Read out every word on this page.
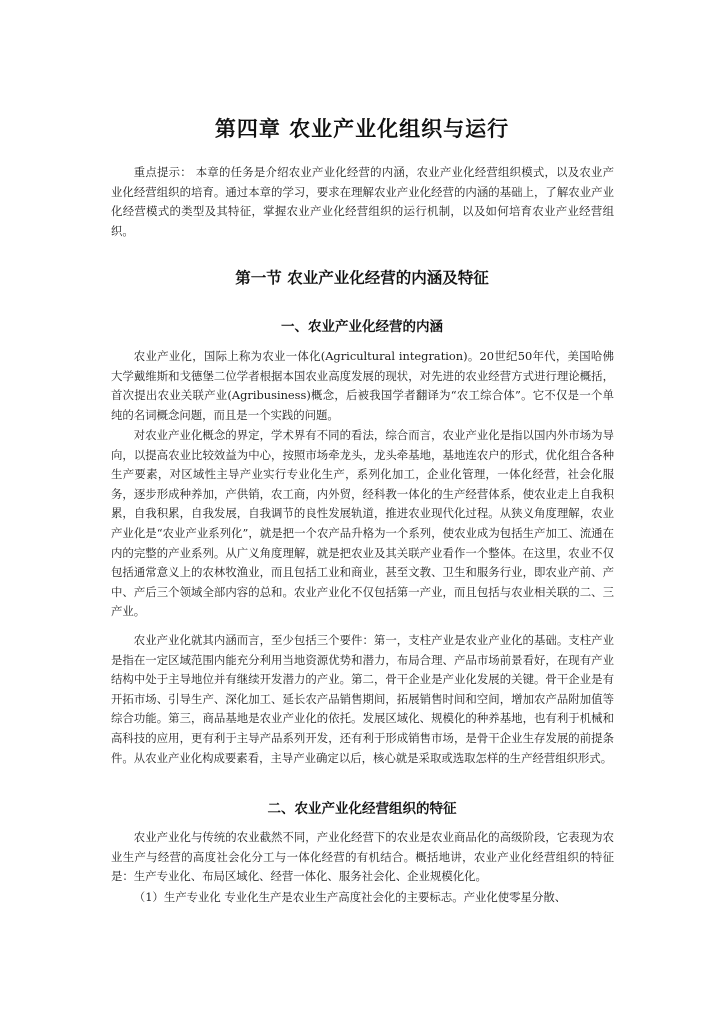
第四章 农业产业化组织与运行

重点提示： 本章的任务是介绍农业产业化经营的内涵，农业产业化经营组织模式，以及农业产业化经营组织的培育。通过本章的学习，要求在理解农业产业化经营的内涵的基础上，了解农业产业化经营模式的类型及其特征，掌握农业产业化经营组织的运行机制，以及如何培育农业产业经营组织。

第一节 农业产业化经营的内涵及特征
一、农业产业化经营的内涵

农业产业化，国际上称为农业一体化(Agricultural integration)。20世纪50年代，美国哈佛大学戴维斯和戈德堡二位学者根据本国农业高度发展的现状，对先进的农业经营方式进行理论概括，首次提出农业关联产业(Agribusiness)概念，后被我国学者翻译为“农工综合体”。它不仅是一个单纯的名词概念问题，而且是一个实践的问题。

对农业产业化概念的界定，学术界有不同的看法，综合而言，农业产业化是指以国内外市场为导向，以提高农业比较效益为中心，按照市场牵龙头，龙头牵基地，基地连农户的形式，优化组合各种生产要素，对区域性主导产业实行专业化生产，系列化加工，企业化管理，一体化经营，社会化服务，逐步形成种养加，产供销，农工商，内外贸，经科教一体化的生产经营体系，使农业走上自我积累，自我积累，自我发展，自我调节的良性发展轨道，推进农业现代化过程。从狭义角度理解，农业产业化是“农业产业系列化”，就是把一个农产品升格为一个系列，使农业成为包括生产加工、流通在内的完整的产业系列。从广义角度理解，就是把农业及其关联产业看作一个整体。在这里，农业不仅包括通常意义上的农林牧渔业，而且包括工业和商业，甚至文教、卫生和服务行业，即农业产前、产中、产后三个领域全部内容的总和。农业产业化不仅包括第一产业，而且包括与农业相关联的二、三产业。

农业产业化就其内涵而言，至少包括三个要件：第一，支柱产业是农业产业化的基础。支柱产业是指在一定区域范围内能充分利用当地资源优势和潜力，布局合理、产品市场前景看好，在现有产业结构中处于主导地位并有继续开发潜力的产业。第二，骨干企业是产业化发展的关键。骨干企业是有开拓市场、引导生产、深化加工、延长农产品销售期间，拓展销售时间和空间，增加农产品附加值等综合功能。第三，商品基地是农业产业化的依托。发展区域化、规模化的种养基地，也有利于机械和高科技的应用，更有利于主导产品系列开发，还有利于形成销售市场，是骨干企业生存发展的前提条件。从农业产业化构成要素看，主导产业确定以后，核心就是采取或选取怎样的生产经营组织形式。

二、农业产业化经营组织的特征

农业产业化与传统的农业截然不同，产业化经营下的农业是农业商品化的高级阶段，它表现为农业生产与经营的高度社会化分工与一体化经营的有机结合。概括地讲，农业产业化经营组织的特征是：生产专业化、布局区域化、经营一体化、服务社会化、企业规模化化。

（1）生产专业化 专业化生产是农业生产高度社会化的主要标志。产业化使零星分散、
